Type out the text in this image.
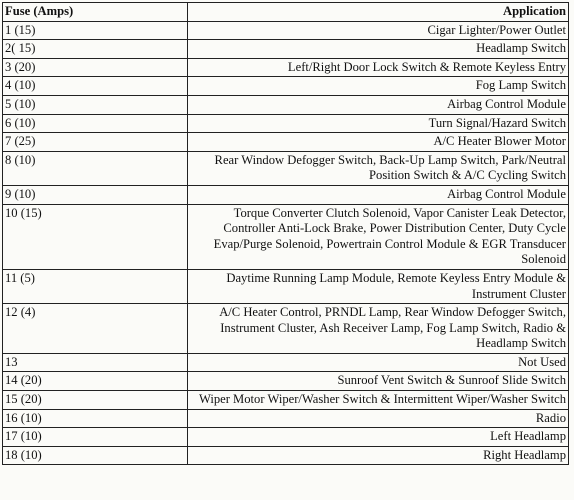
Fuse (Amps)	Application
1 (15)	Cigar Lighter/Power Outlet
2( 15)	Headlamp Switch
3 (20)	Left/Right Door Lock Switch & Remote Keyless Entry
4 (10)	Fog Lamp Switch
5 (10)	Airbag Control Module
6 (10)	Turn Signal/Hazard Switch
7 (25)	A/C Heater Blower Motor
8 (10)	Rear Window Defogger Switch, Back-Up Lamp Switch, Park/Neutral Position Switch & A/C Cycling Switch
9 (10)	Airbag Control Module
10 (15)	Torque Converter Clutch Solenoid, Vapor Canister Leak Detector, Controller Anti-Lock Brake, Power Distribution Center, Duty Cycle Evap/Purge Solenoid, Powertrain Control Module & EGR Transducer Solenoid
11 (5)	Daytime Running Lamp Module, Remote Keyless Entry Module & Instrument Cluster
12 (4)	A/C Heater Control, PRNDL Lamp, Rear Window Defogger Switch, Instrument Cluster, Ash Receiver Lamp, Fog Lamp Switch, Radio & Headlamp Switch
13	Not Used
14 (20)	Sunroof Vent Switch & Sunroof Slide Switch
15 (20)	Wiper Motor Wiper/Washer Switch & Intermittent Wiper/Washer Switch
16 (10)	Radio
17 (10)	Left Headlamp
18 (10)	Right Headlamp
